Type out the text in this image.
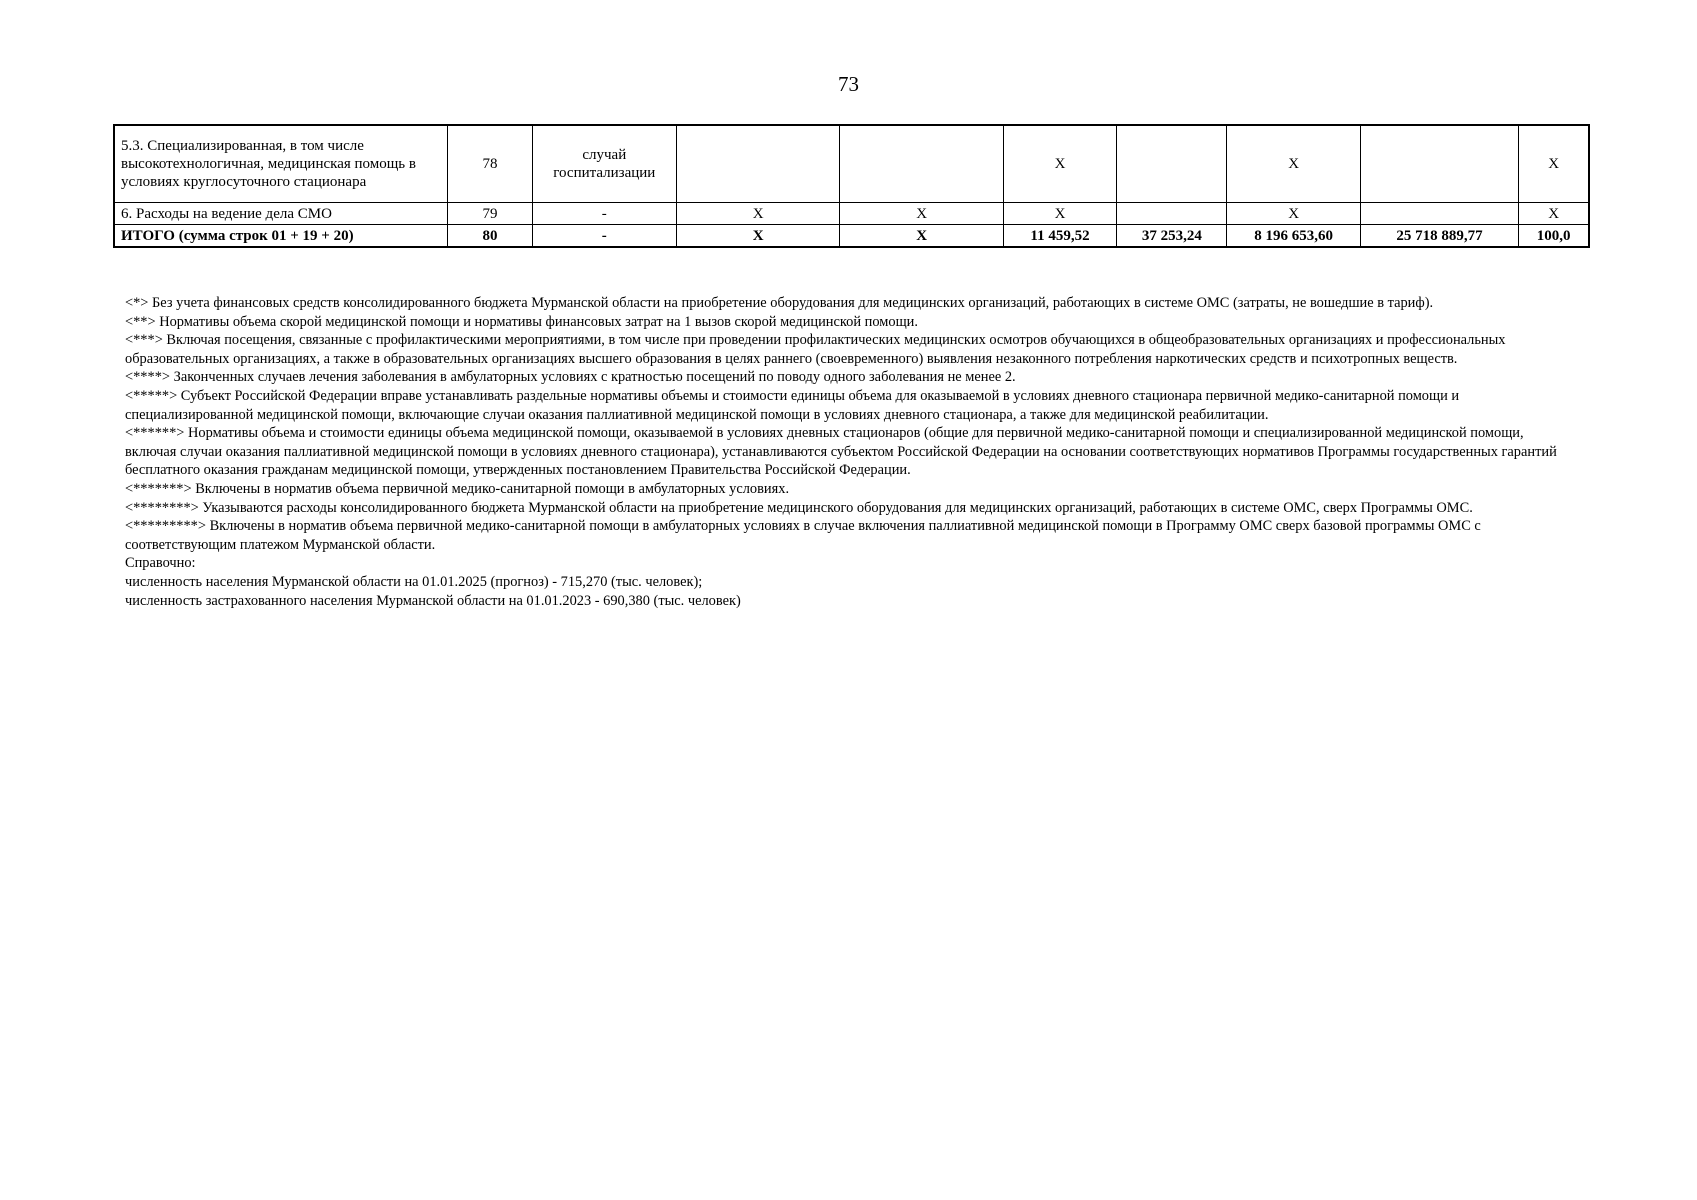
73
5.3. Специализированная, в том числе высокотехнологичная, медицинская помощь в условиях круглосуточного стационара	78	случай госпитализации			X		X		X
6. Расходы на ведение дела СМО	79	-	X	X	X		X		X
ИТОГО (сумма строк 01 + 19 + 20)	80	-	X	X	11 459,52	37 253,24	8 196 653,60	25 718 889,77	100,0

<*> Без учета финансовых средств консолидированного бюджета Мурманской области на приобретение оборудования для медицинских организаций, работающих в системе ОМС (затраты, не вошедшие в тариф).

<**> Нормативы объема скорой медицинской помощи и нормативы финансовых затрат на 1 вызов скорой медицинской помощи.

<***> Включая посещения, связанные с профилактическими мероприятиями, в том числе при проведении профилактических медицинских осмотров обучающихся в общеобразовательных организациях и профессиональных образовательных организациях, а также в образовательных организациях высшего образования в целях раннего (своевременного) выявления незаконного потребления наркотических средств и психотропных веществ.

<****> Законченных случаев лечения заболевания в амбулаторных условиях с кратностью посещений по поводу одного заболевания не менее 2.

<*****> Субъект Российской Федерации вправе устанавливать раздельные нормативы объемы и стоимости единицы объема для оказываемой в условиях дневного стационара первичной медико-санитарной помощи и специализированной медицинской помощи, включающие случаи оказания паллиативной медицинской помощи в условиях дневного стационара, а также для медицинской реабилитации.

<******> Нормативы объема и стоимости единицы объема медицинской помощи, оказываемой в условиях дневных стационаров (общие для первичной медико-санитарной помощи и специализированной медицинской помощи, включая случаи оказания паллиативной медицинской помощи в условиях дневного стационара), устанавливаются субъектом Российской Федерации на основании соответствующих нормативов Программы государственных гарантий бесплатного оказания гражданам медицинской помощи, утвержденных постановлением Правительства Российской Федерации.

<*******> Включены в норматив объема первичной медико-санитарной помощи в амбулаторных условиях.

<********> Указываются расходы консолидированного бюджета Мурманской области на приобретение медицинского оборудования для медицинских организаций, работающих в системе ОМС, сверх Программы ОМС.

<*********> Включены в норматив объема первичной медико-санитарной помощи в амбулаторных условиях в случае включения паллиативной медицинской помощи в Программу ОМС сверх базовой программы ОМС с соответствующим платежом Мурманской области.

Справочно:

численность населения Мурманской области на 01.01.2025 (прогноз) - 715,270 (тыс. человек);

численность застрахованного населения Мурманской области на 01.01.2023 - 690,380 (тыс. человек)
